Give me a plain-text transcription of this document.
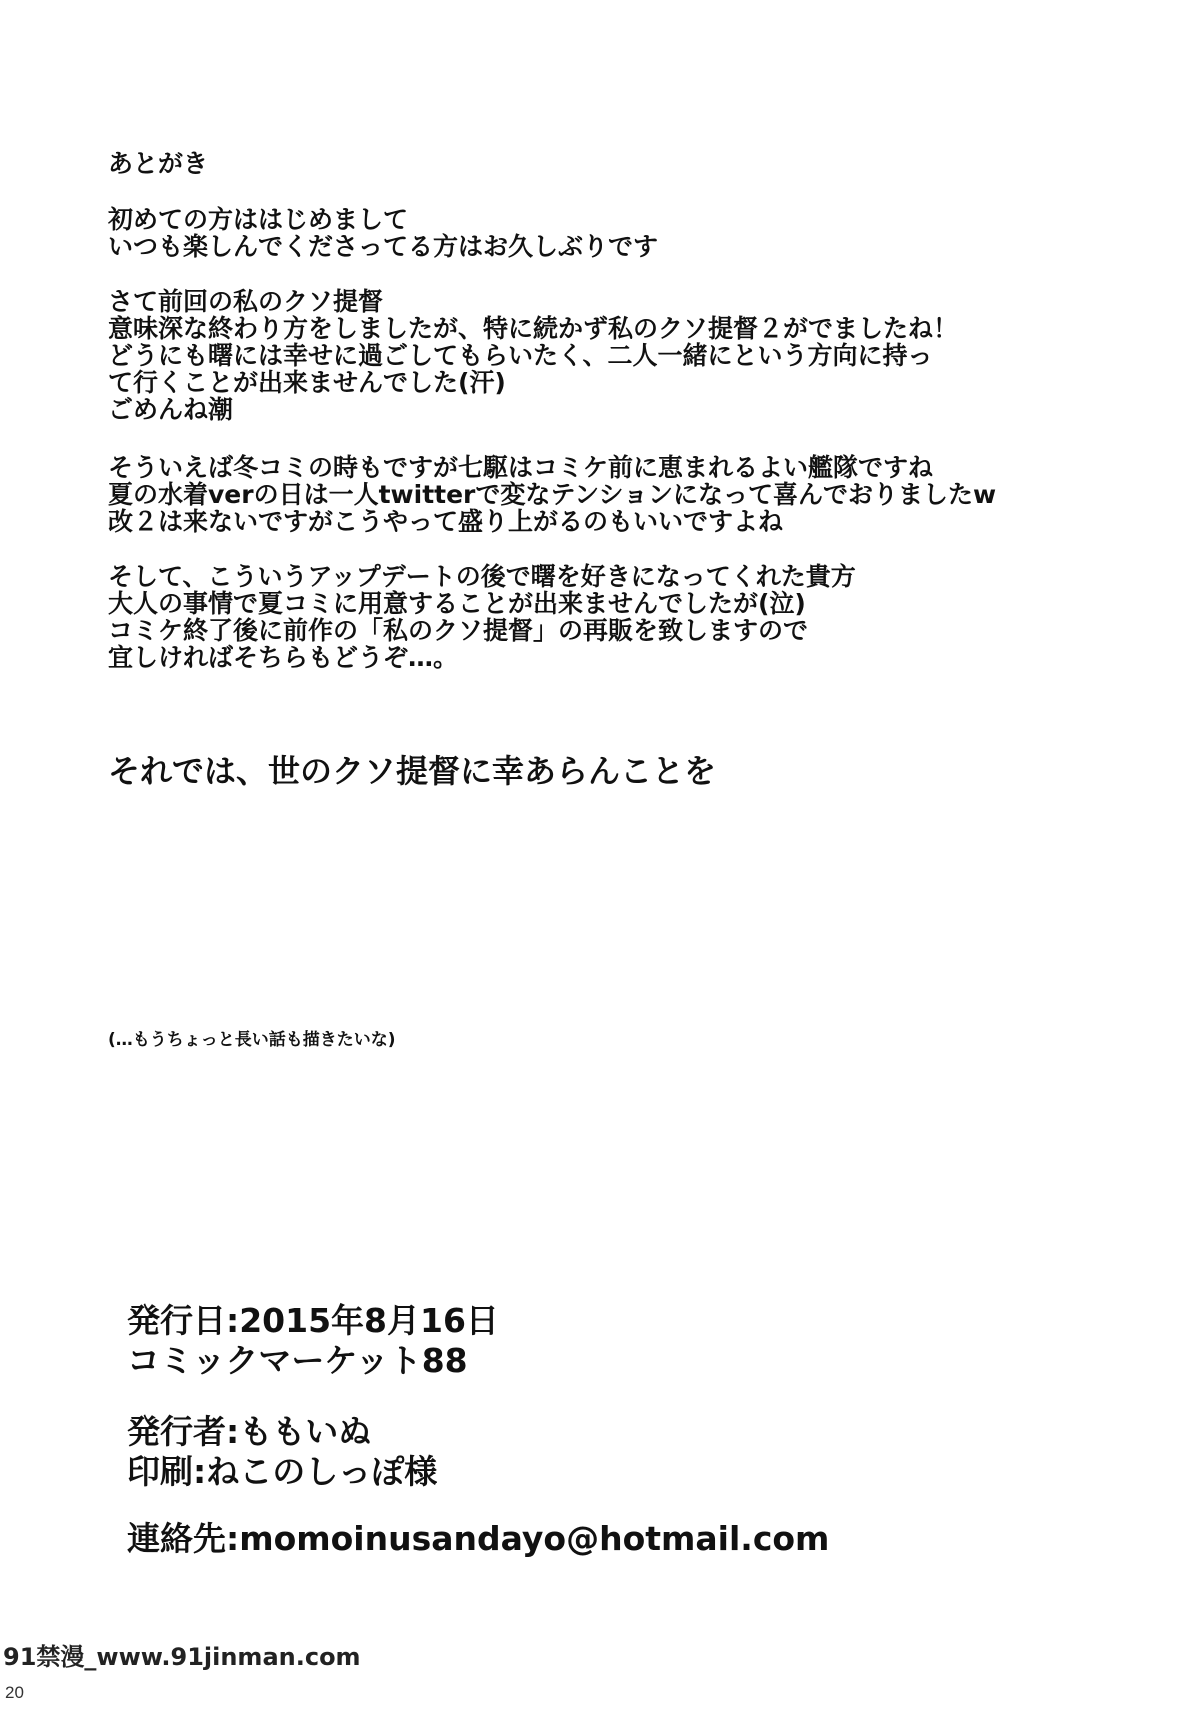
あとがき
初めての方ははじめまして
いつも楽しんでくださってる方はお久しぶりです
さて前回の私のクソ提督
意味深な終わり方をしましたが、特に続かず私のクソ提督２がでましたね！
どうにも曙には幸せに過ごしてもらいたく、二人一緒にという方向に持っ
て行くことが出来ませんでした(汗)
ごめんね潮
そういえば冬コミの時もですが七駆はコミケ前に恵まれるよい艦隊ですね
夏の水着verの日は一人twitterで変なテンションになって喜んでおりましたw
改２は来ないですがこうやって盛り上がるのもいいですよね
そして、こういうアップデートの後で曙を好きになってくれた貴方
大人の事情で夏コミに用意することが出来ませんでしたが(泣)
コミケ終了後に前作の「私のクソ提督」の再販を致しますので
宜しければそちらもどうぞ…。
それでは、世のクソ提督に幸あらんことを
(…もうちょっと長い話も描きたいな)
発行日:2015年8月16日
コミックマーケット88
発行者:ももいぬ
印刷:ねこのしっぽ様
連絡先:momoinusandayo@hotmail.com
91禁漫_www.91jinman.com
20
